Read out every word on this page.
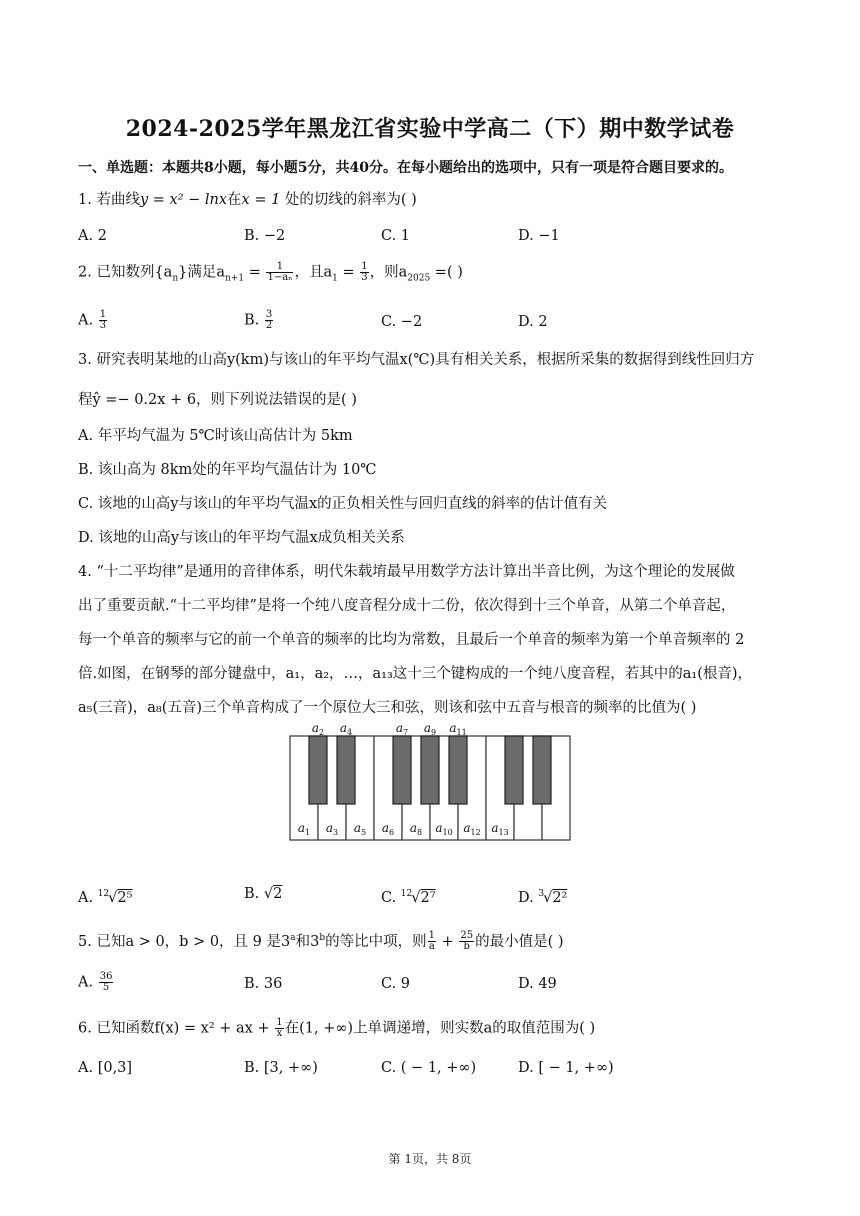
2024-2025学年黑龙江省实验中学高二（下）期中数学试卷
一、单选题：本题共8小题，每小题5分，共40分。在每小题给出的选项中，只有一项是符合题目要求的。
1. 若曲线y = x² − lnx在x = 1 处的切线的斜率为( )
A. 2	B. −2	C. 1	D. −1
2. 已知数列$\{a_n\}$满足$a_{n+1} = \frac{1}{\text{1−aₙ}}$ ，且$a_1 = \frac{1}{3}$ ，则$a_{2025}$ =( )
A. $\frac{1}{3}$	B. $\frac{3}{2}$	C. −2	D. 2
3. 研究表明某地的山高y(km)与该山的年平均气温x(℃)具有相关关系，根据所采集的数据得到线性回归方
程ŷ =− 0.2x + 6，则下列说法错误的是( )
A. 年平均气温为 5℃时该山高估计为 5km
B. 该山高为 8km处的年平均气温估计为 10℃
C. 该地的山高y与该山的年平均气温x的正负相关性与回归直线的斜率的估计值有关
D. 该地的山高y与该山的年平均气温x成负相关关系
4. “十二平均律”是通用的音律体系，明代朱载堉最早用数学方法计算出半音比例，为这个理论的发展做
出了重要贡献.“十二平均律”是将一个纯八度音程分成十二份，依次得到十三个单音，从第二个单音起，
每一个单音的频率与它的前一个单音的频率的比均为常数，且最后一个单音的频率为第一个单音频率的 2
倍.如图，在钢琴的部分键盘中，a₁，a₂，…，a₁₃这十三个键构成的一个纯八度音程，若其中的a₁(根音)，
a₅(三音)，a₈(五音)三个单音构成了一个原位大三和弦，则该和弦中五音与根音的频率的比值为( )
$a_1$ $a_3$ $a_5$ $a_6$ $a_8$ $a_{10}$ $a_{12}$ $a_{13}$
$a_2$ $a_4$	$a_7$ $a_9$ $a_{11}$
A. $^{12}$√2⁵	B. √2	C. $^{12}$√2⁷	D. $^3$√2²
5. 已知a > 0，b > 0，且 9 是3$^a$和3$^b$的等比中项，则 $\frac{1}{a} + \frac{25}{b}$ 的最小值是( )
A. $\frac{36}{5}$	B. 36	C. 9	D. 49
6. 已知函数f(x) = x² + ax + $\frac{1}{x}$ 在(1, +∞)上单调递增，则实数a的取值范围为( )
A. [0,3]	B. [3, +∞)	C. ( − 1, +∞)	D. [ − 1, +∞)
第 1页，共 8页
